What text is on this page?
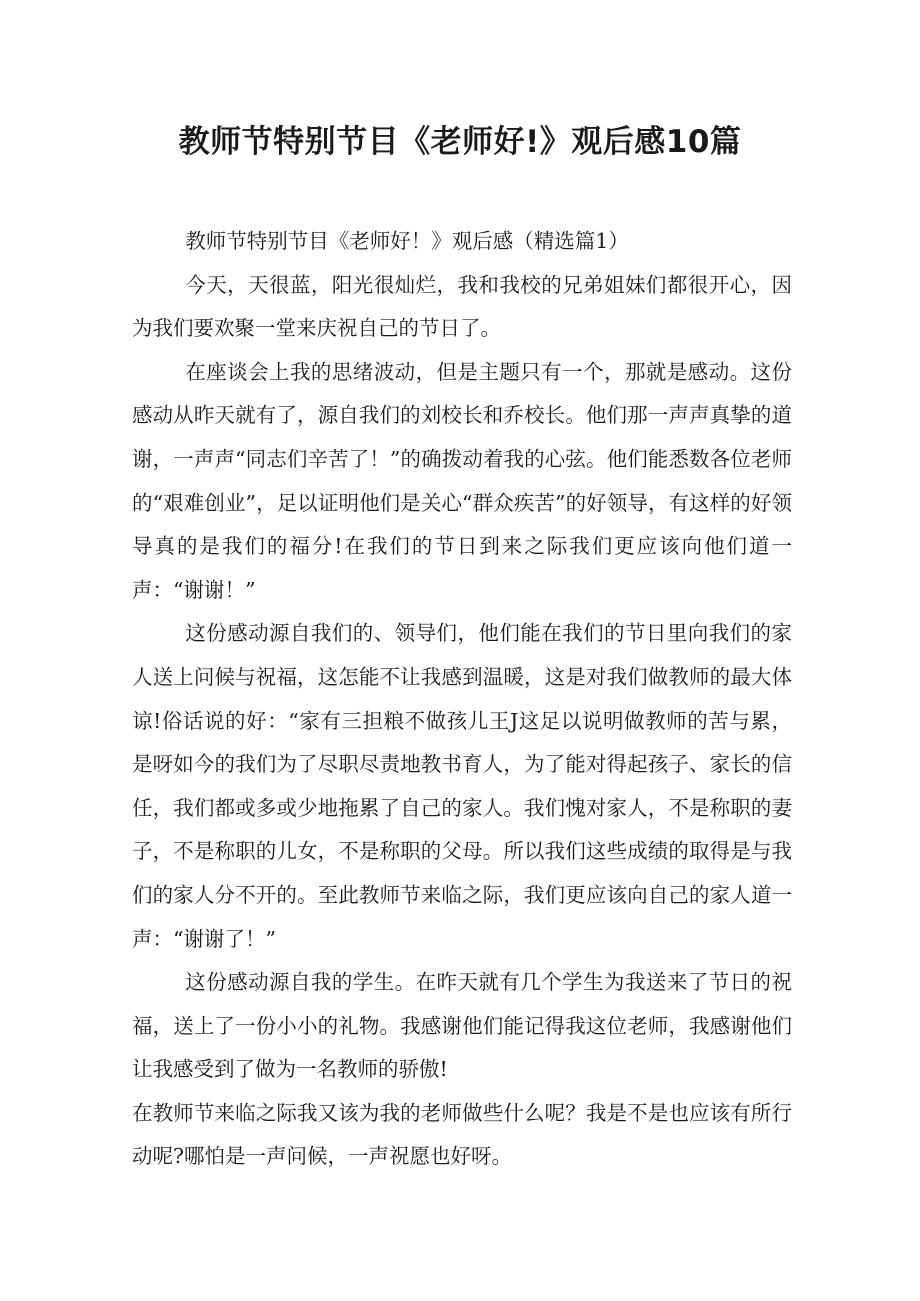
教师节特别节目《老师好!》观后感10篇

教师节特别节目《老师好！》观后感（精选篇1）

今天，天很蓝，阳光很灿烂，我和我校的兄弟姐妹们都很开心，因为我们要欢聚一堂来庆祝自己的节日了。

在座谈会上我的思绪波动，但是主题只有一个，那就是感动。这份感动从昨天就有了，源自我们的刘校长和乔校长。他们那一声声真挚的道谢，一声声“同志们辛苦了！”的确拨动着我的心弦。他们能悉数各位老师的“艰难创业”，足以证明他们是关心“群众疾苦”的好领导，有这样的好领导真的是我们的福分!在我们的节日到来之际我们更应该向他们道一声：“谢谢！”

这份感动源自我们的、领导们，他们能在我们的节日里向我们的家人送上问候与祝福，这怎能不让我感到温暖，这是对我们做教师的最大体谅!俗话说的好：“家有三担粮不做孩儿王J这足以说明做教师的苦与累，是呀如今的我们为了尽职尽责地教书育人，为了能对得起孩子、家长的信任，我们都或多或少地拖累了自己的家人。我们愧对家人，不是称职的妻子，不是称职的儿女，不是称职的父母。所以我们这些成绩的取得是与我们的家人分不开的。至此教师节来临之际，我们更应该向自己的家人道一声：“谢谢了！”

这份感动源自我的学生。在昨天就有几个学生为我送来了节日的祝福，送上了一份小小的礼物。我感谢他们能记得我这位老师，我感谢他们让我感受到了做为一名教师的骄傲!

在教师节来临之际我又该为我的老师做些什么呢？我是不是也应该有所行动呢?哪怕是一声问候，一声祝愿也好呀。
